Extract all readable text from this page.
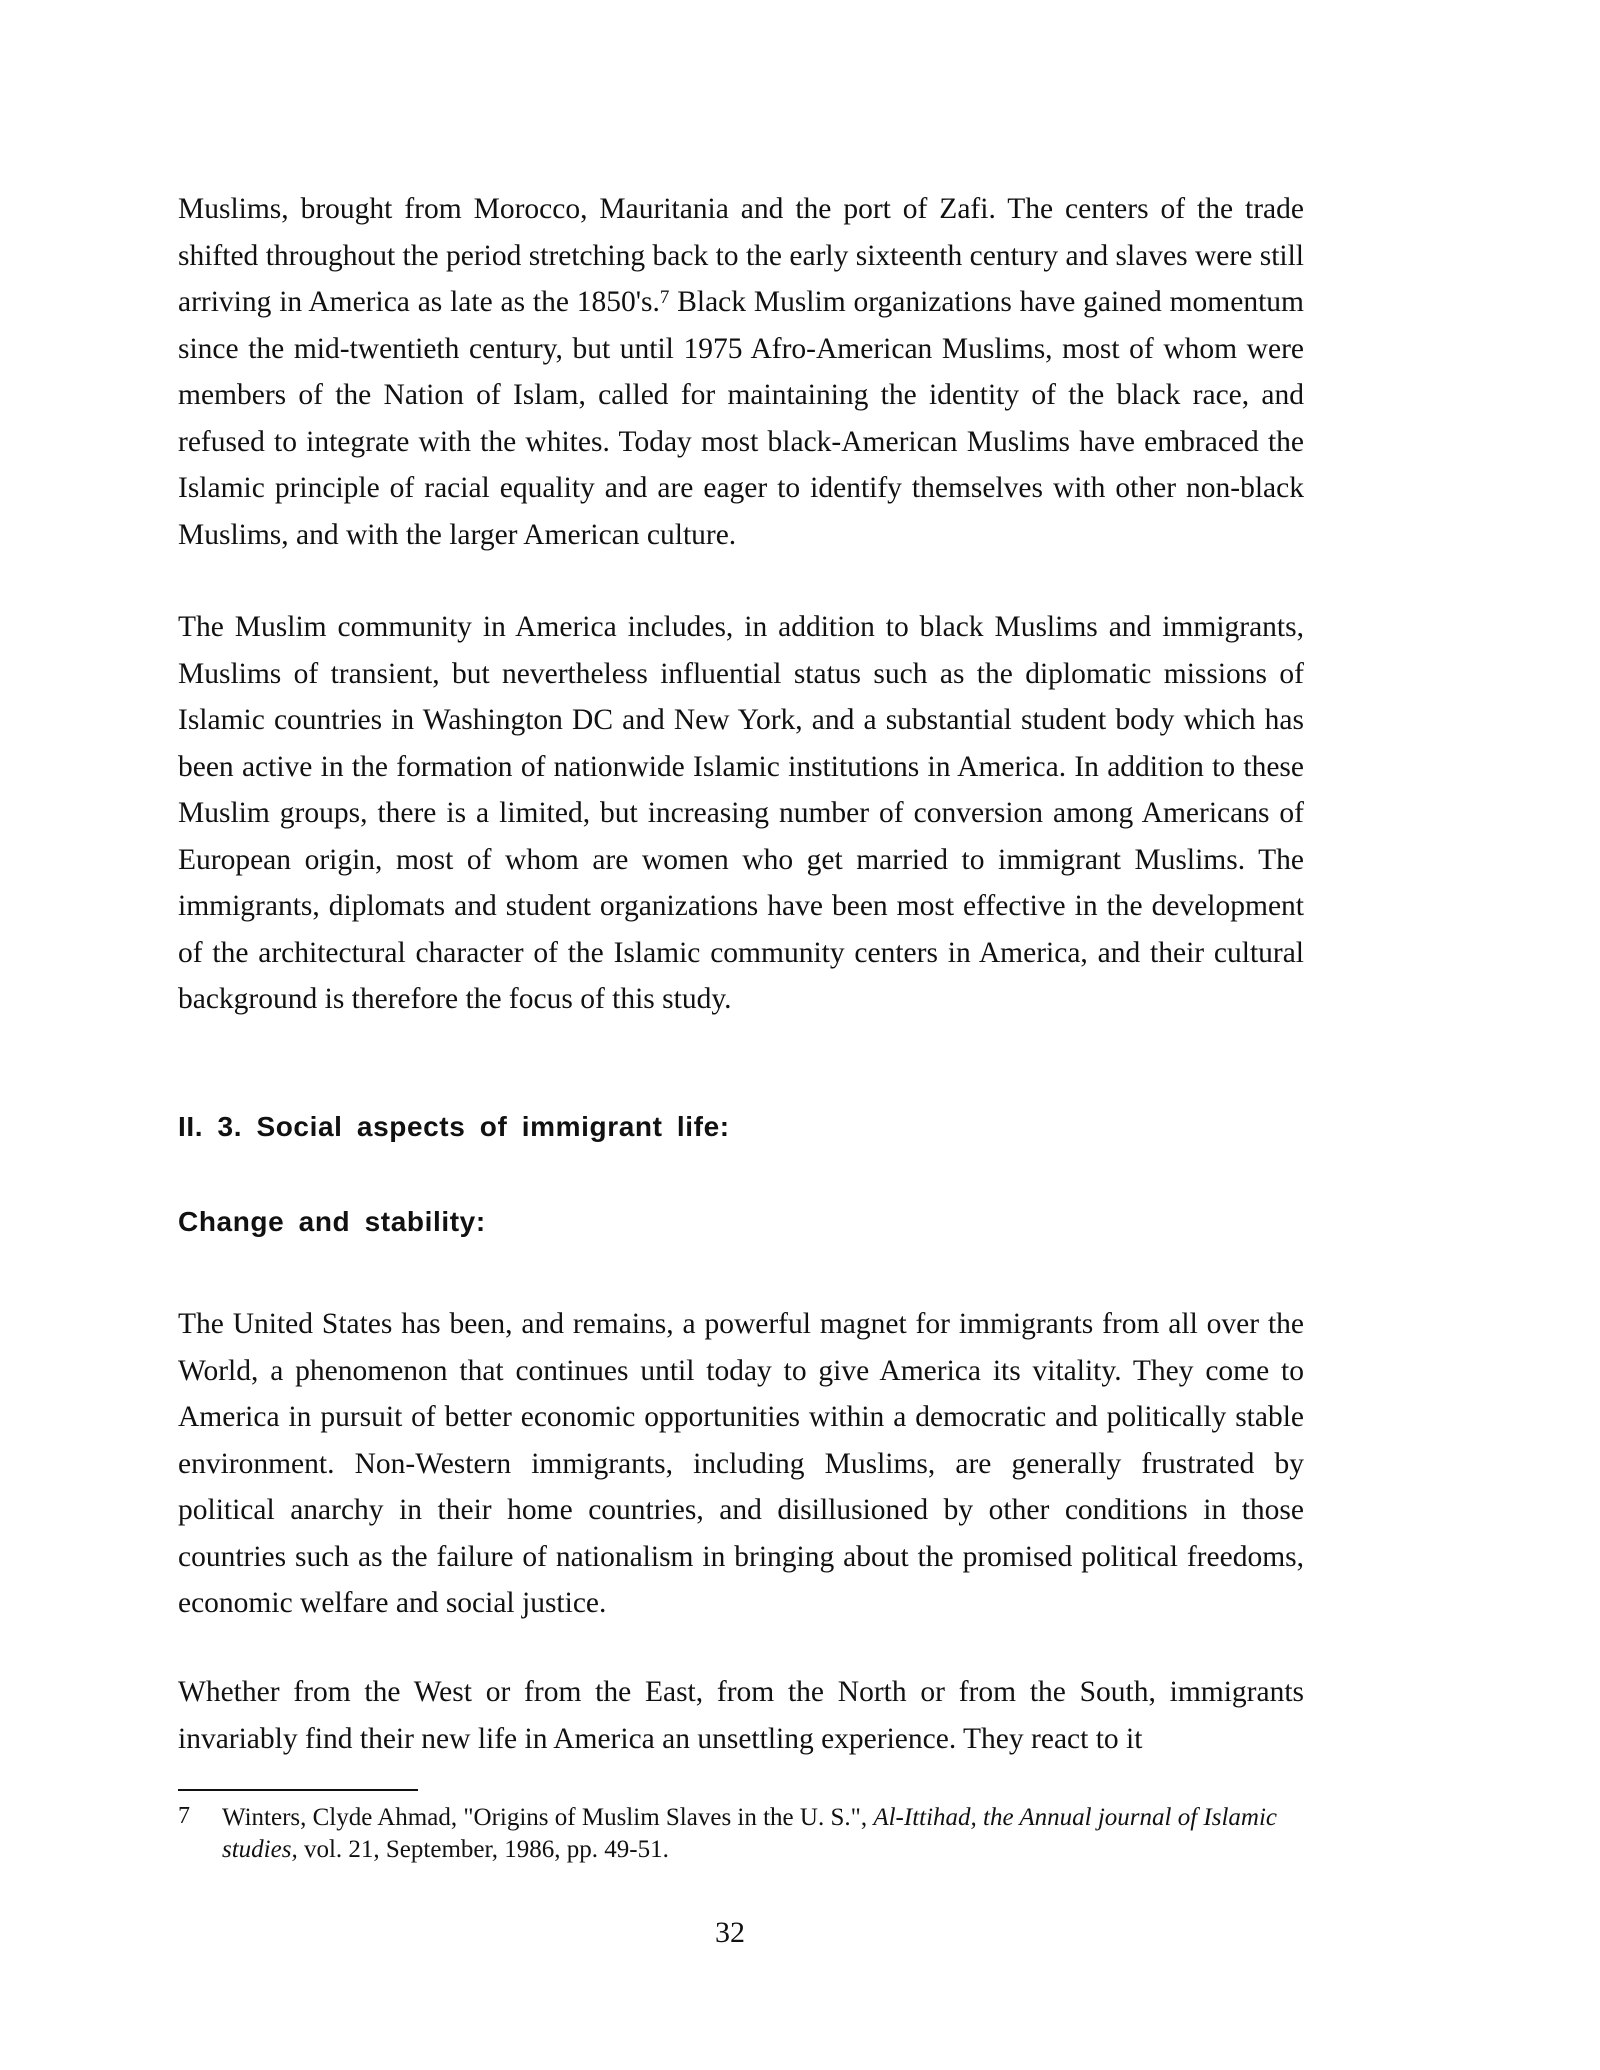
Muslims, brought from Morocco, Mauritania and the port of Zafi. The centers of the trade shifted throughout the period stretching back to the early sixteenth century and slaves were still arriving in America as late as the 1850's.$^7$ Black Muslim organizations have gained momentum since the mid-twentieth century, but until 1975 Afro-American Muslims, most of whom were members of the Nation of Islam, called for maintaining the identity of the black race, and refused to integrate with the whites. Today most black-American Muslims have embraced the Islamic principle of racial equality and are eager to identify themselves with other non-black Muslims, and with the larger American culture.

The Muslim community in America includes, in addition to black Muslims and immigrants, Muslims of transient, but nevertheless influential status such as the diplomatic missions of Islamic countries in Washington DC and New York, and a substantial student body which has been active in the formation of nationwide Islamic institutions in America. In addition to these Muslim groups, there is a limited, but increasing number of conversion among Americans of European origin, most of whom are women who get married to immigrant Muslims. The immigrants, diplomats and student organizations have been most effective in the development of the architectural character of the Islamic community centers in America, and their cultural background is therefore the focus of this study.

II. 3. Social aspects of immigrant life:
Change and stability:

The United States has been, and remains, a powerful magnet for immigrants from all over the World, a phenomenon that continues until today to give America its vitality. They come to America in pursuit of better economic opportunities within a democratic and politically stable environment. Non-Western immigrants, including Muslims, are generally frustrated by political anarchy in their home countries, and disillusioned by other conditions in those countries such as the failure of nationalism in bringing about the promised political freedoms, economic welfare and social justice.

Whether from the West or from the East, from the North or from the South, immigrants invariably find their new life in America an unsettling experience. They react to it

7 Winters, Clyde Ahmad, "Origins of Muslim Slaves in the U. S.", Al-Ittihad, the Annual journal of Islamic studies, vol. 21, September, 1986, pp. 49-51.
32
